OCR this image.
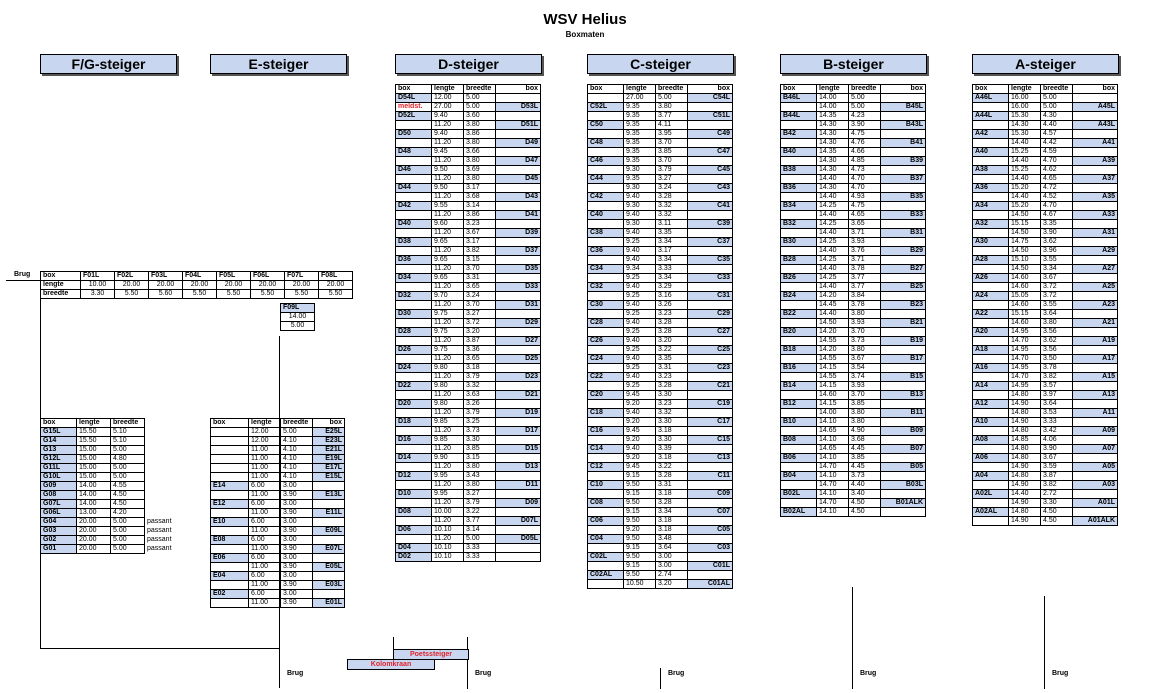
WSV Helius
Boxmaten
F/G-steiger	E-steiger	D-steiger	C-steiger	B-steiger	A-steiger
box	lengte	breedte	box
D54L	12.00	5.00	
meldst.	27.00	5.00	D53L
D52L	9.40	3.60	
	11.20	3.80	D51L
D50	9.40	3.86	
	11.20	3.80	D49
D48	9.45	3.66	
	11.20	3.80	D47
D46	9.50	3.69	
	11.20	3.80	D45
D44	9.50	3.17	
	11.20	3.68	D43
D42	9.55	3.14	
	11.20	3.86	D41
D40	9.60	3.23	
	11.20	3.67	D39
D38	9.65	3.17	
	11.20	3.82	D37
D36	9.65	3.15	
	11.20	3.70	D35
D34	9.65	3.31	
	11.20	3.65	D33
D32	9.70	3.24	
	11.20	3.70	D31
D30	9.75	3.27	
	11.20	3.72	D29
D28	9.75	3.20	
	11.20	3.87	D27
D26	9.75	3.36	
	11.20	3.65	D25
D24	9.80	3.18	
	11.20	3.79	D23
D22	9.80	3.32	
	11.20	3.63	D21
D20	9.80	3.26	
	11.20	3.79	D19
D18	9.85	3.25	
	11.20	3.73	D17
D16	9.85	3.30	
	11.20	3.85	D15
D14	9.90	3.15	
	11.20	3.80	D13
D12	9.95	3.43	
	11.20	3.80	D11
D10	9.95	3.27	
	11.20	3.79	D09
D08	10.00	3.22	
	11.20	3.77	D07L
D06	10.10	3.14	
	11.20	5.00	D05L
D04	10.10	3.33	
D02	10.10	3.33	
box	lengte	breedte	box
	27.00	5.00	C54L
C52L	9.35	3.80	
	9.35	3.77	C51L
C50	9.35	4.11	
	9.35	3.95	C49
C48	9.35	3.70	
	9.35	3.85	C47
C46	9.35	3.70	
	9.30	3.79	C45
C44	9.35	3.27	
	9.30	3.24	C43
C42	9.40	3.28	
	9.30	3.32	C41
C40	9.40	3.32	
	9.30	3.11	C39
C38	9.40	3.35	
	9.25	3.34	C37
C36	9.40	3.17	
	9.40	3.34	C35
C34	9.34	3.33	
	9.25	3.34	C33
C32	9.40	3.29	
	9.25	3.16	C31
C30	9.40	3.26	
	9.25	3.23	C29
C28	9.40	3.28	
	9.25	3.28	C27
C26	9.40	3.20	
	9.25	3.22	C25
C24	9.40	3.35	
	9.25	3.31	C23
C22	9.40	3.23	
	9.25	3.28	C21
C20	9.45	3.30	
	9.20	3.23	C19
C18	9.40	3.32	
	9.20	3.30	C17
C16	9.45	3.18	
	9.20	3.30	C15
C14	9.40	3.39	
	9.20	3.18	C13
C12	9.45	3.22	
	9.15	3.28	C11
C10	9.50	3.31	
	9.15	3.18	C09
C08	9.50	3.28	
	9.15	3.34	C07
C06	9.50	3.18	
	9.20	3.18	C05
C04	9.50	3.48	
	9.15	3.64	C03
C02L	9.50	3.00	
	9.15	3.00	C01L
C02AL	9.50	2.74	
	10.50	3.20	C01AL
box	lengte	breedte	box
B46L	14.00	5.00	
	14.00	5.00	B45L
B44L	14.35	4.23	
	14.30	3.90	B43L
B42	14.30	4.75	
	14.30	4.76	B41
B40	14.35	4.66	
	14.30	4.85	B39
B38	14.30	4.73	
	14.40	4.70	B37
B36	14.30	4.70	
	14.40	4.93	B35
B34	14.25	4.75	
	14.40	4.65	B33
B32	14.25	3.65	
	14.40	3.71	B31
B30	14.25	3.93	
	14.40	3.76	B29
B28	14.25	3.71	
	14.40	3.78	B27
B26	14.25	3.77	
	14.40	3.77	B25
B24	14.20	3.84	
	14.45	3.78	B23
B22	14.40	3.80	
	14.50	3.93	B21
B20	14.20	3.70	
	14.55	3.73	B19
B18	14.20	3.80	
	14.55	3.67	B17
B16	14.15	3.54	
	14.55	3.74	B15
B14	14.15	3.93	
	14.60	3.70	B13
B12	14.15	3.85	
	14.00	3.80	B11
B10	14.10	3.80	
	14.65	4.90	B09
B08	14.10	3.68	
	14.65	4.45	B07
B06	14.10	3.85	
	14.70	4.45	B05
B04	14.10	3.73	
	14.70	4.40	B03L
B02L	14.10	3.40	
	14.70	4.50	B01ALK
B02AL	14.10	4.50	
box	lengte	breedte	box
A46L	16.00	5.00	
	16.00	5.00	A45L
A44L	15.30	4.30	
	14.30	4.40	A43L
A42	15.30	4.57	
	14.40	4.42	A41
A40	15.25	4.59	
	14.40	4.70	A39
A38	15.25	4.62	
	14.40	4.65	A37
A36	15.20	4.72	
	14.40	4.52	A35
A34	15.20	4.70	
	14.50	4.67	A33
A32	15.15	3.35	
	14.50	3.90	A31
A30	14.75	3.62	
	14.50	3.96	A29
A28	15.10	3.55	
	14.50	3.34	A27
A26	14.60	3.67	
	14.60	3.72	A25
A24	15.05	3.72	
	14.60	3.55	A23
A22	15.15	3.64	
	14.60	3.80	A21
A20	14.95	3.56	
	14.70	3.62	A19
A18	14.95	3.56	
	14.70	3.50	A17
A16	14.95	3.78	
	14.70	3.82	A15
A14	14.95	3.57	
	14.80	3.97	A13
A12	14.90	3.64	
	14.80	3.53	A11
A10	14.90	3.33	
	14.80	3.42	A09
A08	14.85	4.06	
	14.80	3.90	A07
A06	14.80	3.67	
	14.90	3.59	A05
A04	14.80	3.87	
	14.90	3.82	A03
A02L	14.40	2.72	
	14.90	3.30	A01L
A02AL	14.80	4.50	
	14.90	4.50	A01ALK
box	lengte	breedte	box
	12.00	5.00	E25L
	12.00	4.10	E23L
	11.00	4.10	E21L
	11.00	4.10	E19L
	11.00	4.10	E17L
	11.00	4.10	E15L
E14	6.00	3.00	
	11.00	3.90	E13L
E12	6.00	3.00	
	11.00	3.90	E11L
E10	6.00	3.00	
	11.00	3.90	E09L
E08	6.00	3.00	
	11.00	3.90	E07L
E06	6.00	3.00	
	11.00	3.90	E05L
E04	6.00	3.00	
	11.00	3.90	E03L
E02	6.00	3.00	
	11.00	3.90	E01L
box	F01L	F02L	F03L	F04L	F05L	F06L	F07L	F08L
lengte	10.00	20.00	20.00	20.00	20.00	20.00	20.00	20.00
breedte	3.30	5.50	5.60	5.50	5.50	5.50	5.50	5.50
F09L
14.00
5.00
box	lengte	breedte	
G15L	15.50	5.10	
G14	15.50	5.10	
G13	15.00	5.00	
G12L	15.00	4.80	
G11L	15.00	5.00	
G10L	15.00	5.00	
G09	14.00	4.55	
G08	14.00	4.50	
G07L	14.00	4.50	
G06L	13.00	4.20	
G04	20.00	5.00	passant
G03	20.00	5.00	passant
G02	20.00	5.00	passant
G01	20.00	5.00	passant
Brug
Brug
Poetssteiger
Kolomkraan
Brug	Brug	Brug	Brug
